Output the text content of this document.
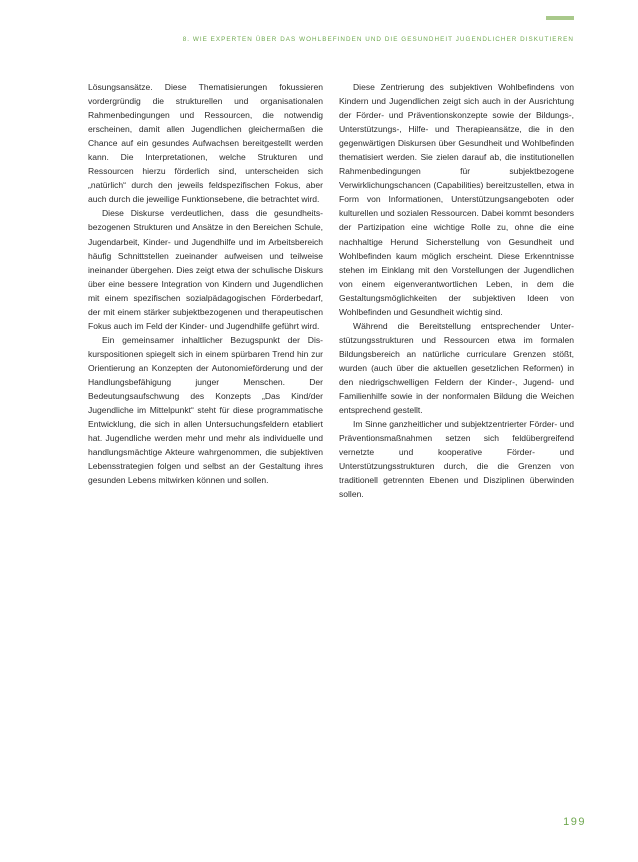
8. WIE EXPERTEN ÜBER DAS WOHLBEFINDEN UND DIE GESUNDHEIT JUGENDLICHER DISKUTIEREN

Lösungsansätze. Diese Thematisierungen fokussieren vordergründig die strukturellen und organisationalen Rahmenbedingungen und Ressourcen, die notwendig erscheinen, damit allen Jugendlichen gleichermaßen die Chance auf ein gesundes Aufwachsen bereitgestellt werden kann. Die Interpretationen, welche Strukturen und Ressourcen hierzu förderlich sind, unterscheiden sich „natürlich“ durch den jeweils feldspezifischen Fokus, aber auch durch die jeweilige Funktionsebene, die betrachtet wird.

Diese Diskurse verdeutlichen, dass die gesundheitsbezogenen Strukturen und Ansätze in den Bereichen Schule, Jugendarbeit, Kinder- und Jugendhilfe und im Arbeitsbereich häufig Schnittstellen zueinander aufweisen und teilweise ineinander übergehen. Dies zeigt etwa der schulische Diskurs über eine bessere Integration von Kindern und Jugendlichen mit einem spezifischen sozialpädagogischen Förderbedarf, der mit einem stärker subjektbezogenen und therapeutischen Fokus auch im Feld der Kinder- und Jugendhilfe geführt wird.

Ein gemeinsamer inhaltlicher Bezugspunkt der Diskurspositionen spiegelt sich in einem spürbaren Trend hin zur Orientierung an Konzepten der Autonomieförderung und der Handlungsbefähigung junger Menschen. Der Bedeutungsaufschwung des Konzepts „Das Kind/der Jugendliche im Mittelpunkt“ steht für diese programmatische Entwicklung, die sich in allen Untersuchungsfeldern etabliert hat. Jugendliche werden mehr und mehr als individuelle und handlungsmächtige Akteure wahrgenommen, die subjektiven Lebensstrategien folgen und selbst an der Gestaltung ihres gesunden Lebens mitwirken können und sollen.

Diese Zentrierung des subjektiven Wohlbefindens von Kindern und Jugendlichen zeigt sich auch in der Ausrichtung der Förder- und Präventionskonzepte sowie der Bildungs-, Unterstützungs-, Hilfe- und Therapieansätze, die in den gegenwärtigen Diskursen über Gesundheit und Wohlbefinden thematisiert werden. Sie zielen darauf ab, die institutionellen Rahmenbedingungen für subjektbezogene Verwirklichungschancen (Capabilities) bereitzustellen, etwa in Form von Informationen, Unterstützungsangeboten oder kulturellen und sozialen Ressourcen. Dabei kommt besonders der Partizipation eine wichtige Rolle zu, ohne die eine nachhaltige Herund Sicherstellung von Gesundheit und Wohlbefinden kaum möglich erscheint. Diese Erkenntnisse stehen im Einklang mit den Vorstellungen der Jugendlichen von einem eigenverantwortlichen Leben, in dem die Gestaltungsmöglichkeiten der subjektiven Ideen von Wohlbefinden und Gesundheit wichtig sind.

Während die Bereitstellung entsprechender Unterstützungsstrukturen und Ressourcen etwa im formalen Bildungsbereich an natürliche curriculare Grenzen stößt, wurden (auch über die aktuellen gesetzlichen Reformen) in den niedrigschwelligen Feldern der Kinder-, Jugend- und Familienhilfe sowie in der nonformalen Bildung die Weichen entsprechend gestellt.

Im Sinne ganzheitlicher und subjektzentrierter Förder- und Präventionsmaßnahmen setzen sich feldübergreifend vernetzte und kooperative Förder- und Unterstützungsstrukturen durch, die die Grenzen von traditionell getrennten Ebenen und Disziplinen überwinden sollen.

199
